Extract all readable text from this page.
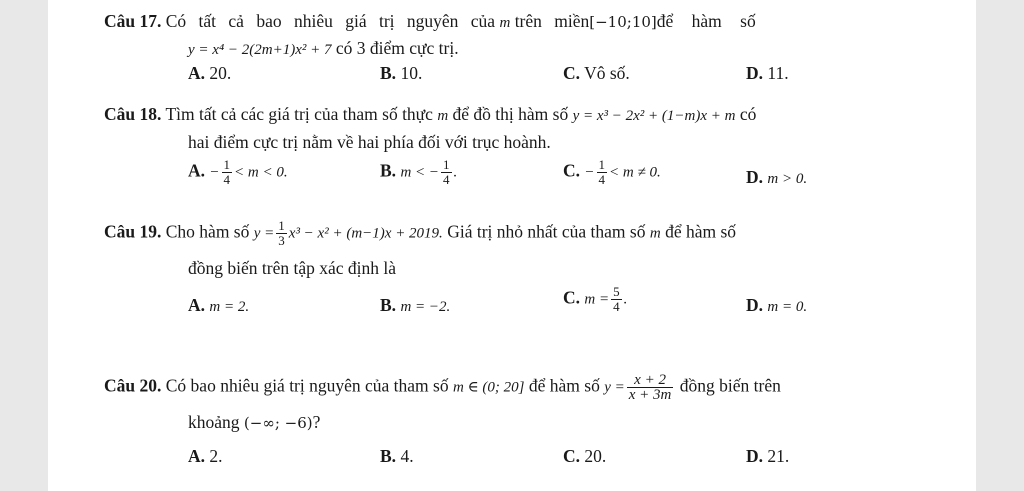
Câu 17. Có tất cả bao nhiêu giá trị nguyên của m trên miền[−10;10]để hàm số
y = x⁴ − 2(2m+1)x² + 7 có 3 điểm cực trị.
A. 20.	B. 10.	C. Vô số.	D. 11.
Câu 18. Tìm tất cả các giá trị của tham số thực m để đồ thị hàm số y = x³ − 2x² + (1−m)x + m có
hai điểm cực trị nằm về hai phía đối với trục hoành.
A. − $\frac{1}{4} < m < 0$.	B. m < − $\frac{1}{4}$ .	C. − $\frac{1}{4} < m \ne 0$.	D. m > 0.
Câu 19. Cho hàm số $y = \frac{1}{3} x^3 - x^2 + (m-1)x + 2019$. Giá trị nhỏ nhất của tham số m để hàm số
đồng biến trên tập xác định là
A. m = 2.	B. m = −2.	C. $m = \frac{5}{4}$ .	D. m = 0.
Câu 20. Có bao nhiêu giá trị nguyên của tham số m ∈ (0; 20] để hàm số $y = \frac{x + 2}{x + 3m}$ đồng biến trên
khoảng (−∞; −6)?
A. 2.	B. 4.	C. 20.	D. 21.
